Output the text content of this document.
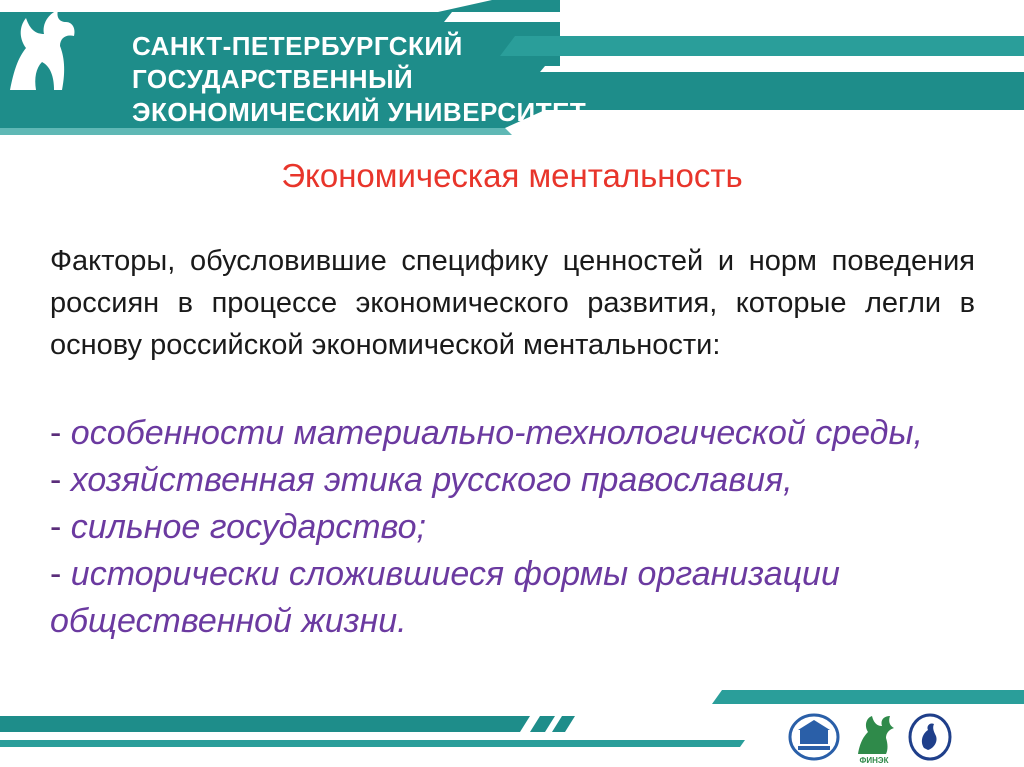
САНКТ-ПЕТЕРБУРГСКИЙ
ГОСУДАРСТВЕННЫЙ
ЭКОНОМИЧЕСКИЙ УНИВЕРСИТЕТ
Экономическая ментальность

Факторы, обусловившие специфику ценностей и норм поведения россиян в процессе экономического развития, которые легли в основу российской экономической ментальности:

- особенности материально-технологической среды,
- хозяйственная этика русского православия,
- сильное государство;
- исторически сложившиеся формы организации общественной жизни.
ФИНЭК
